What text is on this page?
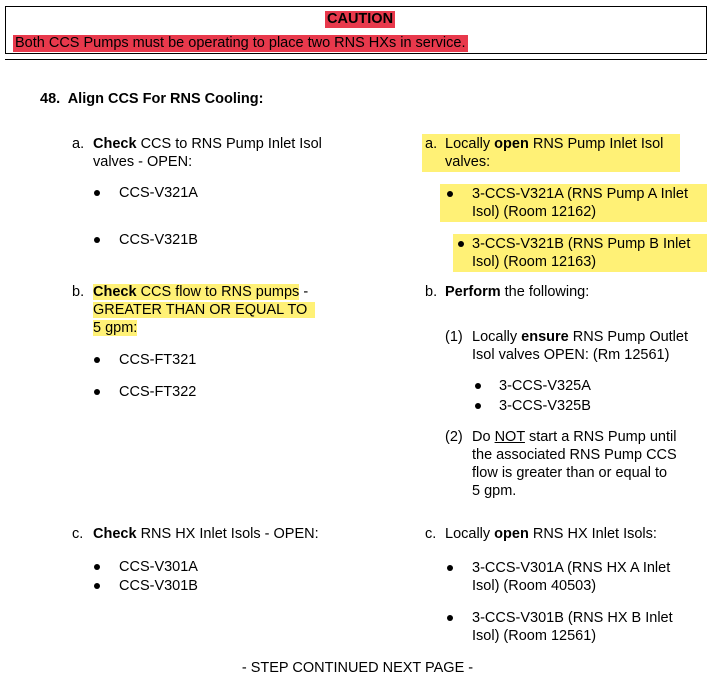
CAUTION
Both CCS Pumps must be operating to place two RNS HXs in service.
48. Align CCS For RNS Cooling:
a. Check CCS to RNS Pump Inlet Isol
valves - OPEN:
CCS-V321A
CCS-V321B
b. Check CCS flow to RNS pumps -
GREATER THAN OR EQUAL TO
5 gpm:
CCS-FT321
CCS-FT322
c. Check RNS HX Inlet Isols - OPEN:
CCS-V301A
CCS-V301B
a. Locally open RNS Pump Inlet Isol
valves:
3-CCS-V321A (RNS Pump A Inlet
Isol) (Room 12162)
3-CCS-V321B (RNS Pump B Inlet
Isol) (Room 12163)
b. Perform the following:
(1) Locally ensure RNS Pump Outlet
Isol valves OPEN: (Rm 12561)
3-CCS-V325A
3-CCS-V325B
(2) Do NOT start a RNS Pump until
the associated RNS Pump CCS
flow is greater than or equal to
5 gpm.
c. Locally open RNS HX Inlet Isols:
3-CCS-V301A (RNS HX A Inlet
Isol) (Room 40503)
3-CCS-V301B (RNS HX B Inlet
Isol) (Room 12561)
- STEP CONTINUED NEXT PAGE -
